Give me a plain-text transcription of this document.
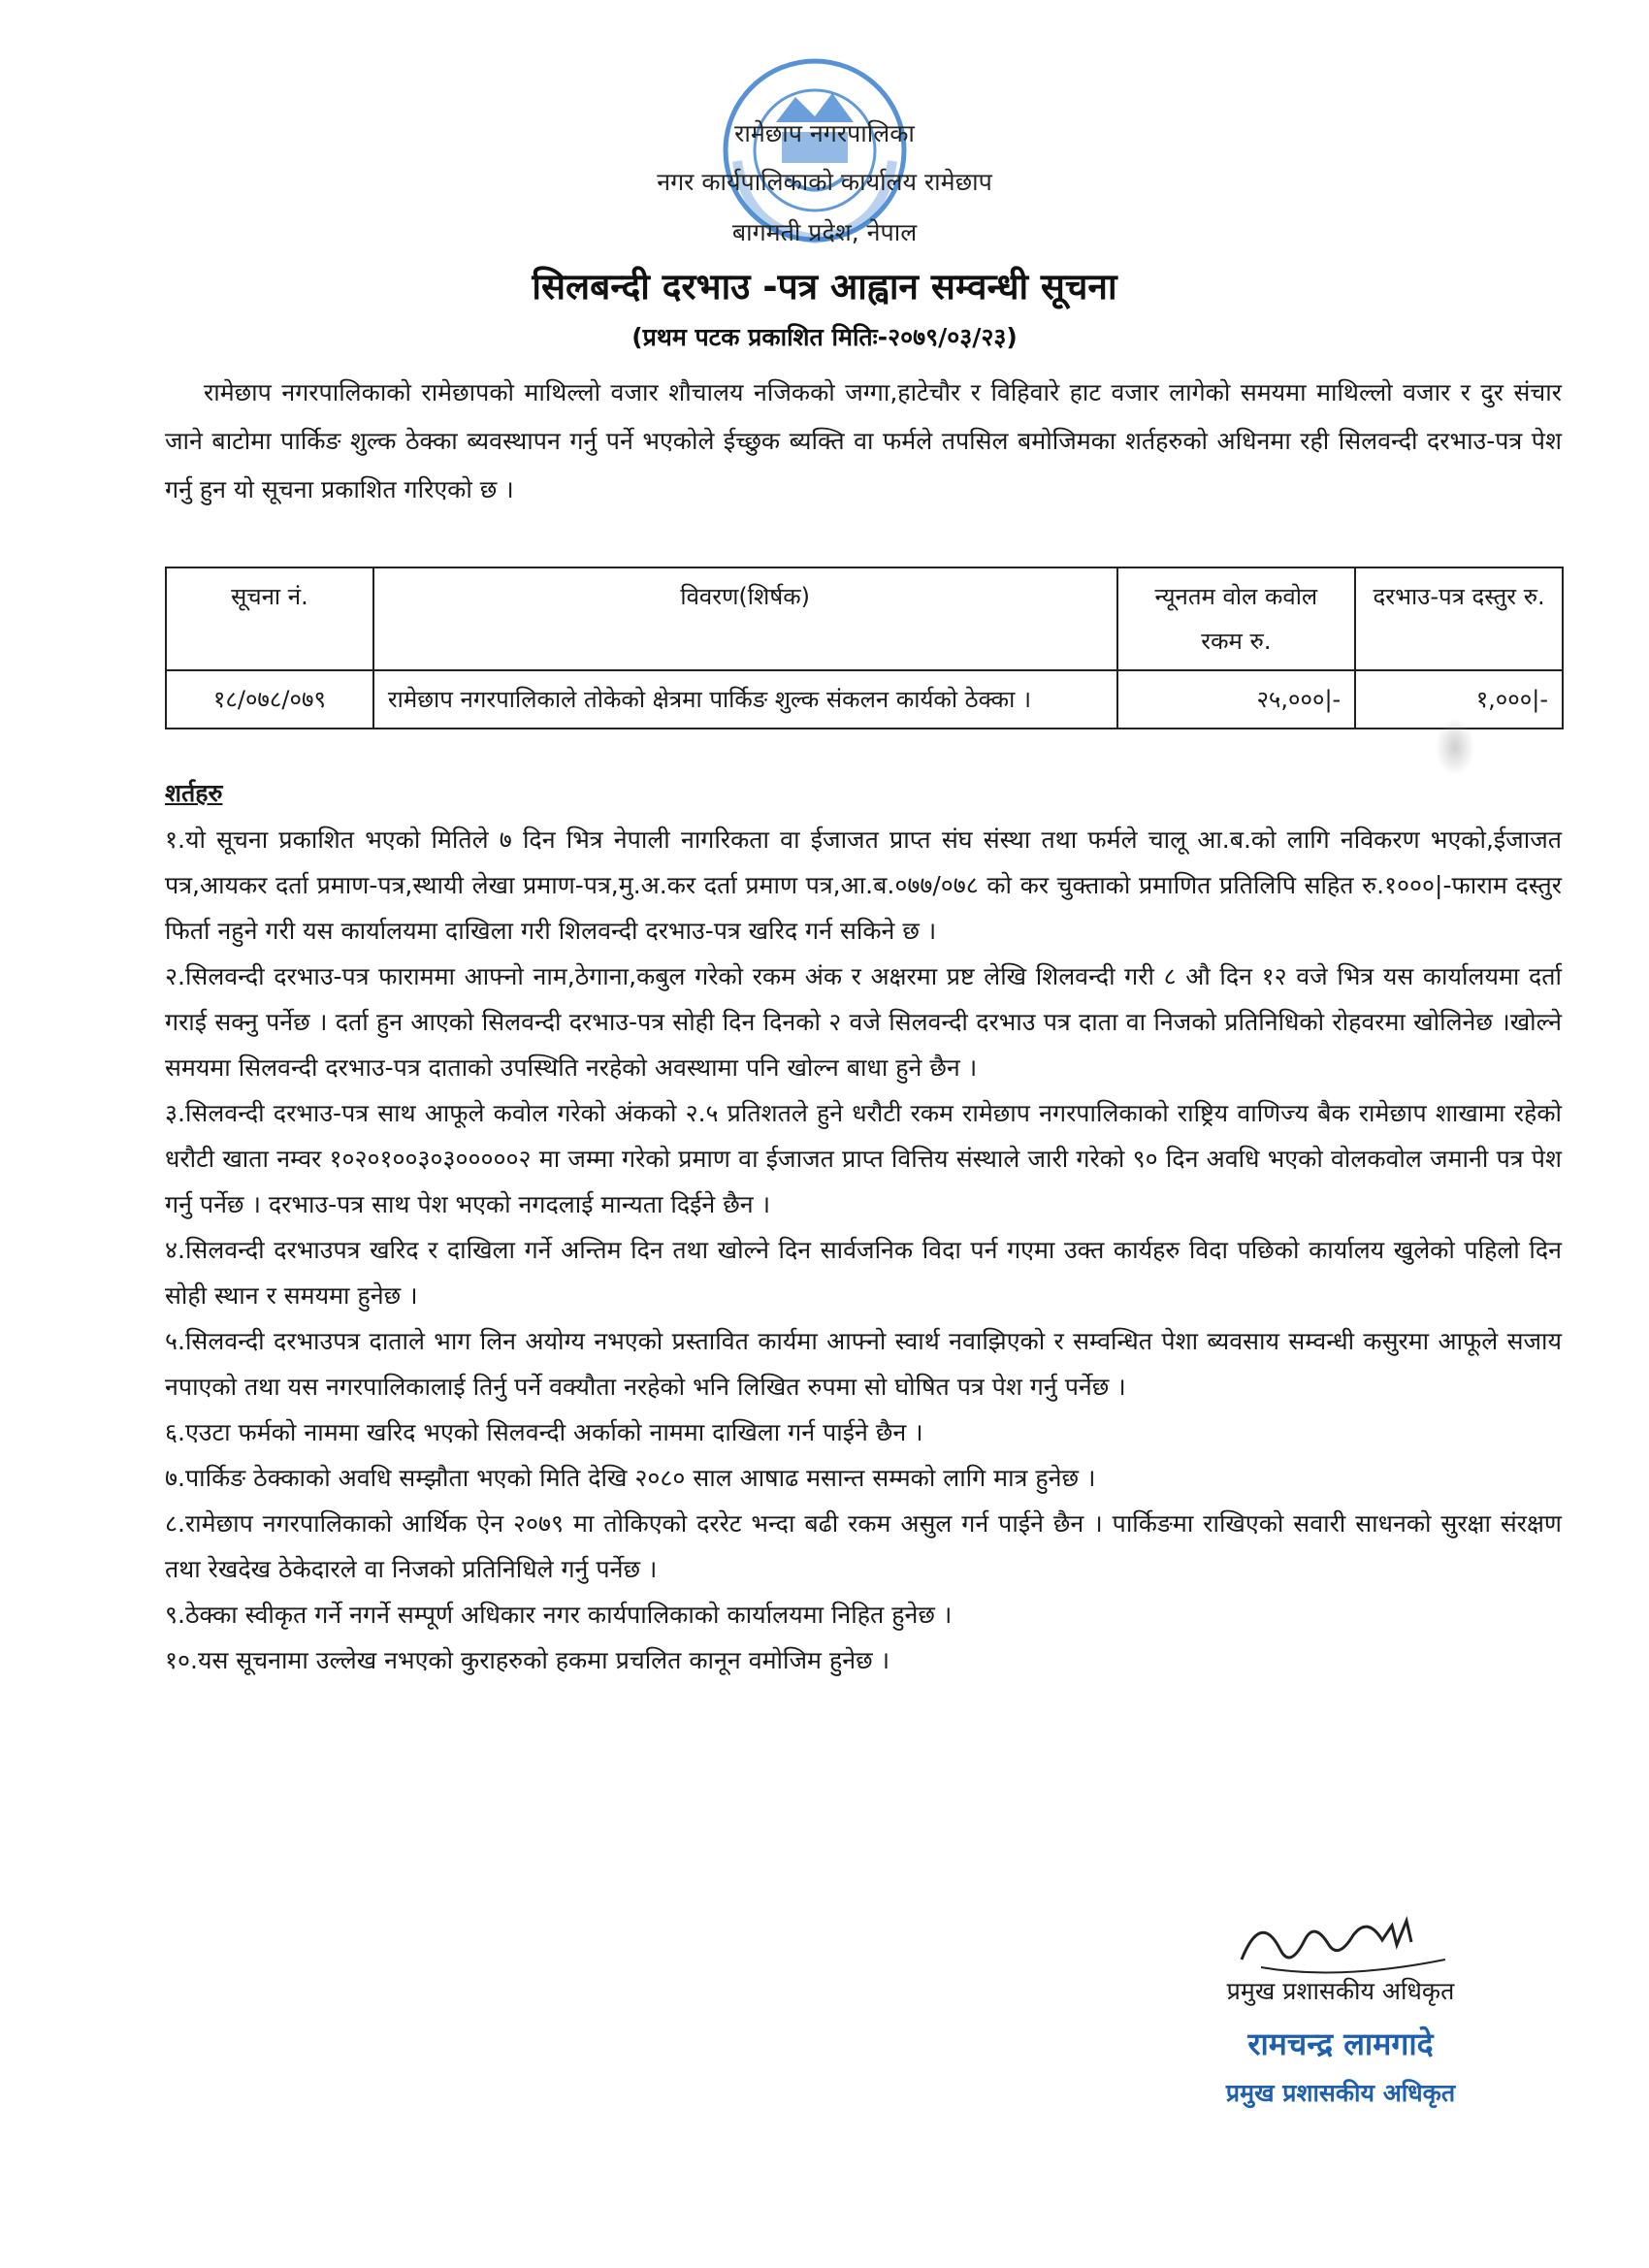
रामेछाप नगरपालिका
नगर कार्यपालिकाको कार्यालय रामेछाप
बागमती प्रदेश, नेपाल
सिलबन्दी दरभाउ -पत्र आह्वान सम्वन्धी सूचना
(प्रथम पटक प्रकाशित मितिः-२०७९/०३/२३)

रामेछाप नगरपालिकाको रामेछापको माथिल्लो वजार शौचालय नजिकको जग्गा,हाटेचौर र विहिवारे हाट वजार लागेको समयमा माथिल्लो वजार र दुर संचार जाने बाटोमा पार्किङ शुल्क ठेक्का ब्यवस्थापन गर्नु पर्ने भएकोले ईच्छुक ब्यक्ति वा फर्मले तपसिल बमोजिमका शर्तहरुको अधिनमा रही सिलवन्दी दरभाउ-पत्र पेश गर्नु हुन यो सूचना प्रकाशित गरिएको छ ।

सूचना नं.	विवरण(शिर्षक)	न्यूनतम वोल कवोल रकम रु.	दरभाउ-पत्र दस्तुर रु.
१८/०७८/०७९	रामेछाप नगरपालिकाले तोकेको क्षेत्रमा पार्किङ शुल्क संकलन कार्यको ठेक्का ।	२५,०००|-	१,०००|-
शर्तहरु
१.यो सूचना प्रकाशित भएको मितिले ७ दिन भित्र नेपाली नागरिकता वा ईजाजत प्राप्त संघ संस्था तथा फर्मले चालू आ.ब.को लागि नविकरण भएको,ईजाजत पत्र,आयकर दर्ता प्रमाण-पत्र,स्थायी लेखा प्रमाण-पत्र,मु.अ.कर दर्ता प्रमाण पत्र,आ.ब.०७७/०७८ को कर चुक्ताको प्रमाणित प्रतिलिपि सहित रु.१०००|-फाराम दस्तुर फिर्ता नहुने गरी यस कार्यालयमा दाखिला गरी शिलवन्दी दरभाउ-पत्र खरिद गर्न सकिने छ ।
२.सिलवन्दी दरभाउ-पत्र फाराममा आफ्नो नाम,ठेगाना,कबुल गरेको रकम अंक र अक्षरमा प्रष्ट लेखि शिलवन्दी गरी ८ औ दिन १२ वजे भित्र यस कार्यालयमा दर्ता गराई सक्नु पर्नेछ । दर्ता हुन आएको सिलवन्दी दरभाउ-पत्र सोही दिन दिनको २ वजे सिलवन्दी दरभाउ पत्र दाता वा निजको प्रतिनिधिको रोहवरमा खोलिनेछ ।खोल्ने समयमा सिलवन्दी दरभाउ-पत्र दाताको उपस्थिति नरहेको अवस्थामा पनि खोल्न बाधा हुने छैन ।
३.सिलवन्दी दरभाउ-पत्र साथ आफूले कवोल गरेको अंकको २.५ प्रतिशतले हुने धरौटी रकम रामेछाप नगरपालिकाको राष्ट्रिय वाणिज्य बैक रामेछाप शाखामा रहेको धरौटी खाता नम्वर १०२०१००३०३०००००२ मा जम्मा गरेको प्रमाण वा ईजाजत प्राप्त वित्तिय संस्थाले जारी गरेको ९० दिन अवधि भएको वोलकवोल जमानी पत्र पेश गर्नु पर्नेछ । दरभाउ-पत्र साथ पेश भएको नगदलाई मान्यता दिईने छैन ।
४.सिलवन्दी दरभाउपत्र खरिद र दाखिला गर्ने अन्तिम दिन तथा खोल्ने दिन सार्वजनिक विदा पर्न गएमा उक्त कार्यहरु विदा पछिको कार्यालय खुलेको पहिलो दिन सोही स्थान र समयमा हुनेछ ।
५.सिलवन्दी दरभाउपत्र दाताले भाग लिन अयोग्य नभएको प्रस्तावित कार्यमा आफ्नो स्वार्थ नवाझिएको र सम्वन्धित पेशा ब्यवसाय सम्वन्धी कसुरमा आफूले सजाय नपाएको तथा यस नगरपालिकालाई तिर्नु पर्ने वक्यौता नरहेको भनि लिखित रुपमा सो घोषित पत्र पेश गर्नु पर्नेछ ।
६.एउटा फर्मको नाममा खरिद भएको सिलवन्दी अर्काको नाममा दाखिला गर्न पाईने छैन ।
७.पार्किङ ठेक्काको अवधि सम्झौता भएको मिति देखि २०८० साल आषाढ मसान्त सम्मको लागि मात्र हुनेछ ।
८.रामेछाप नगरपालिकाको आर्थिक ऐन २०७९ मा तोकिएको दररेट भन्दा बढी रकम असुल गर्न पाईने छैन । पार्किङमा राखिएको सवारी साधनको सुरक्षा संरक्षण तथा रेखदेख ठेकेदारले वा निजको प्रतिनिधिले गर्नु पर्नेछ ।
९.ठेक्का स्वीकृत गर्ने नगर्ने सम्पूर्ण अधिकार नगर कार्यपालिकाको कार्यालयमा निहित हुनेछ ।
१०.यस सूचनामा उल्लेख नभएको कुराहरुको हकमा प्रचलित कानून वमोजिम हुनेछ ।
प्रमुख प्रशासकीय अधिकृत
रामचन्द्र लामगादे
प्रमुख प्रशासकीय अधिकृत
